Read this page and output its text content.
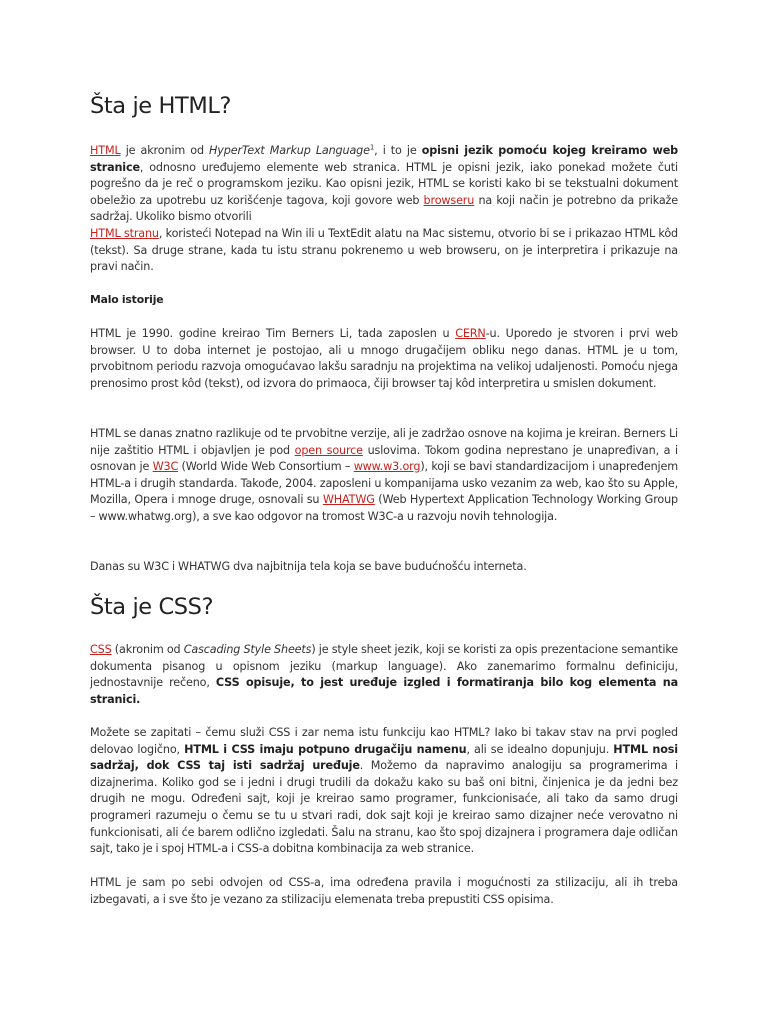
Šta je HTML?

HTML je akronim od HyperText Markup Language$^1$, i to je opisni jezik pomoću kojeg kreiramo web stranice, odnosno uređujemo elemente web stranica. HTML je opisni jezik, iako ponekad možete čuti pogrešno da je reč o programskom jeziku. Kao opisni jezik, HTML se koristi kako bi se tekstualni dokument obeležio za upotrebu uz korišćenje tagova, koji govore web browseru na koji način je potrebno da prikaže sadržaj. Ukoliko bismo otvorili
HTML stranu, koristeći Notepad na Win ili u TextEdit alatu na Mac sistemu, otvorio bi se i prikazao HTML kôd (tekst). Sa druge strane, kada tu istu stranu pokrenemo u web browseru, on je interpretira i prikazuje na pravi način.

Malo istorije

HTML je 1990. godine kreirao Tim Berners Li, tada zaposlen u CERN-u. Uporedo je stvoren i prvi web browser. U to doba internet je postojao, ali u mnogo drugačijem obliku nego danas. HTML je u tom, prvobitnom periodu razvoja omogućavao lakšu saradnju na projektima na velikoj udaljenosti. Pomoću njega prenosimo prost kôd (tekst), od izvora do primaoca, čiji browser taj kôd interpretira u smislen dokument.

HTML se danas znatno razlikuje od te prvobitne verzije, ali je zadržao osnove na kojima je kreiran. Berners Li nije zaštitio HTML i objavljen je pod open source uslovima. Tokom godina neprestano je unapređivan, a i osnovan je W3C (World Wide Web Consortium – www.w3.org), koji se bavi standardizacijom i unapređenjem HTML-a i drugih standarda. Takođe, 2004. zaposleni u kompanijama usko vezanim za web, kao što su Apple, Mozilla, Opera i mnoge druge, osnovali su WHATWG (Web Hypertext Application Technology Working Group – www.whatwg.org), a sve kao odgovor na tromost W3C-a u razvoju novih tehnologija.

Danas su W3C i WHATWG dva najbitnija tela koja se bave budućnošću interneta.

Šta je CSS?

CSS (akronim od Cascading Style Sheets) je style sheet jezik, koji se koristi za opis prezentacione semantike dokumenta pisanog u opisnom jeziku (markup language). Ako zanemarimo formalnu definiciju, jednostavnije rečeno, CSS opisuje, to jest uređuje izgled i formatiranja bilo kog elementa na stranici.

Možete se zapitati – čemu služi CSS i zar nema istu funkciju kao HTML? Iako bi takav stav na prvi pogled delovao logično, HTML i CSS imaju potpuno drugačiju namenu, ali se idealno dopunjuju. HTML nosi sadržaj, dok CSS taj isti sadržaj uređuje. Možemo da napravimo analogiju sa programerima i dizajnerima. Koliko god se i jedni i drugi trudili da dokažu kako su baš oni bitni, činjenica je da jedni bez drugih ne mogu. Određeni sajt, koji je kreirao samo programer, funkcionisaće, ali tako da samo drugi programeri razumeju o čemu se tu u stvari radi, dok sajt koji je kreirao samo dizajner neće verovatno ni funkcionisati, ali će barem odlično izgledati. Šalu na stranu, kao što spoj dizajnera i programera daje odličan sajt, tako je i spoj HTML-a i CSS-a dobitna kombinacija za web stranice.

HTML je sam po sebi odvojen od CSS-a, ima određena pravila i mogućnosti za stilizaciju, ali ih treba izbegavati, a i sve što je vezano za stilizaciju elemenata treba prepustiti CSS opisima.
